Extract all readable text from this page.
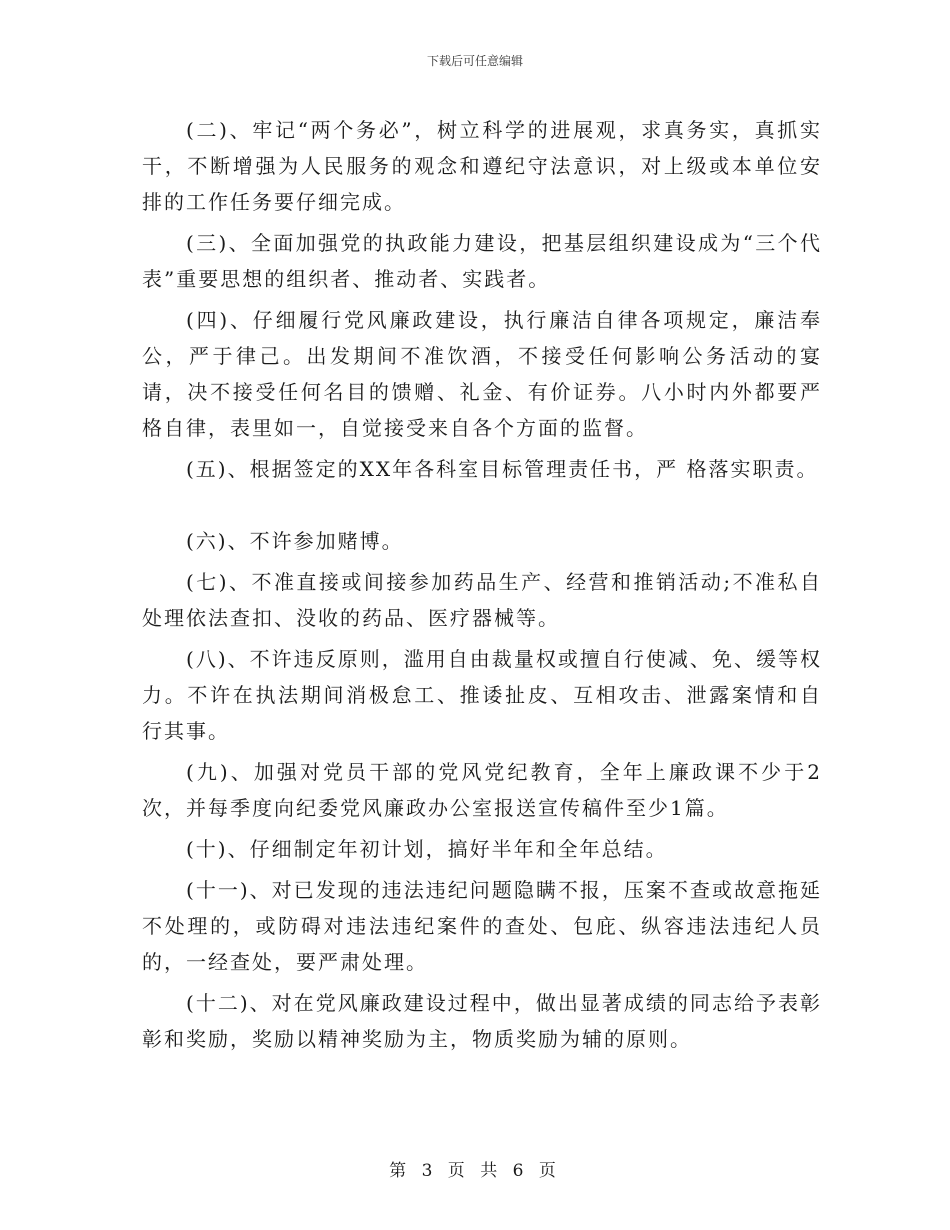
下载后可任意编辑

(二)、牢记“两个务必”，树立科学的进展观，求真务实，真抓实干，不断增强为人民服务的观念和遵纪守法意识，对上级或本单位安排的工作任务要仔细完成。

(三)、全面加强党的执政能力建设，把基层组织建设成为“三个代表”重要思想的组织者、推动者、实践者。

(四)、仔细履行党风廉政建设，执行廉洁自律各项规定，廉洁奉公，严于律己。出发期间不准饮酒，不接受任何影响公务活动的宴请，决不接受任何名目的馈赠、礼金、有价证券。八小时内外都要严格自律，表里如一，自觉接受来自各个方面的监督。

(五)、根据签定的XX年各科室目标管理责任书，严 格落实职责。

(六)、不许参加赌博。

(七)、不准直接或间接参加药品生产、经营和推销活动;不准私自处理依法查扣、没收的药品、医疗器械等。

(八)、不许违反原则，滥用自由裁量权或擅自行使减、免、缓等权力。不许在执法期间消极怠工、推诿扯皮、互相攻击、泄露案情和自行其事。

(九)、加强对党员干部的党风党纪教育，全年上廉政课不少于2次，并每季度向纪委党风廉政办公室报送宣传稿件至少1篇。

(十)、仔细制定年初计划，搞好半年和全年总结。

(十一)、对已发现的违法违纪问题隐瞒不报，压案不查或故意拖延不处理的，或防碍对违法违纪案件的查处、包庇、纵容违法违纪人员的，一经查处，要严肃处理。

(十二)、对在党风廉政建设过程中，做出显著成绩的同志给予表彰彰和奖励，奖励以精神奖励为主，物质奖励为辅的原则。

第 3 页 共 6 页
